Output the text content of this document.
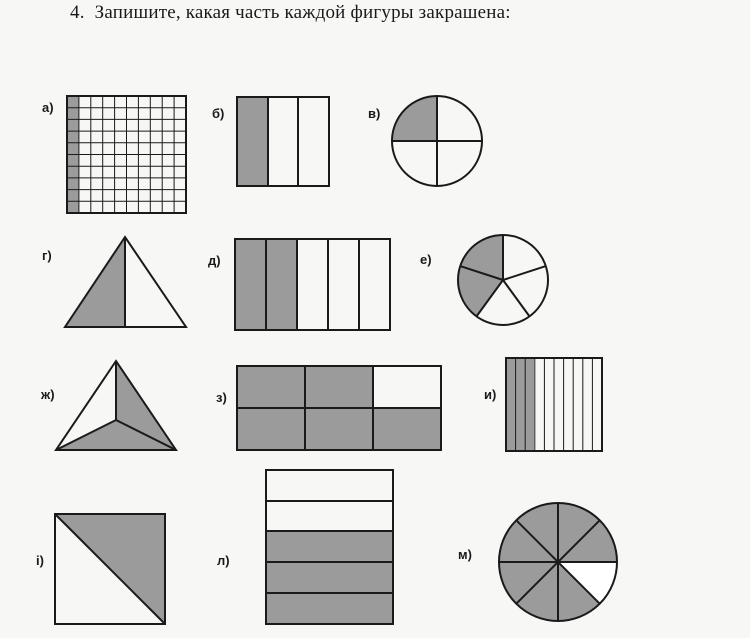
4. Запишите, какая часть каждой фигуры закрашена:
а)	б)	в)
г)	д)	е)
ж)	з)	и)
і)	л)	м)
